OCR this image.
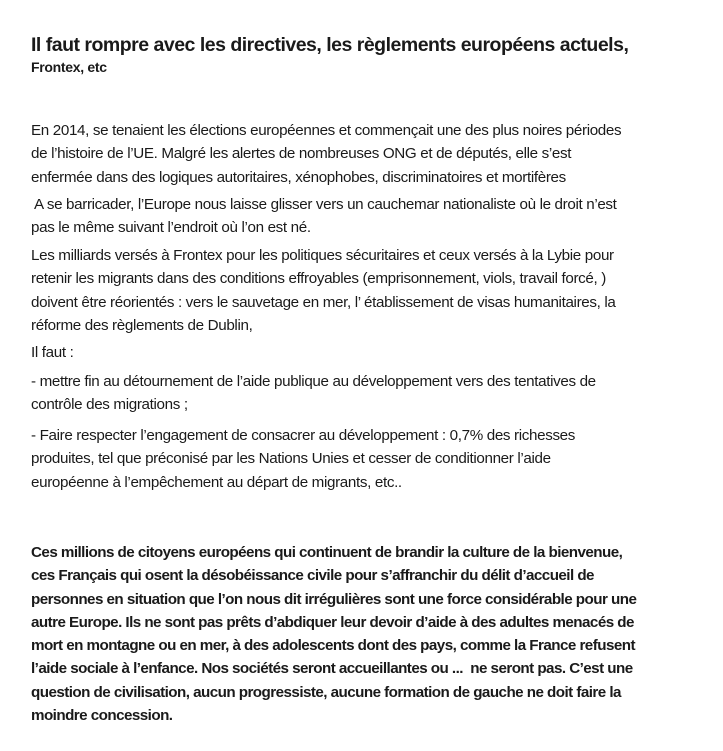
Il faut rompre avec les directives, les règlements européens actuels,
Frontex, etc

En 2014, se tenaient les élections européennes et commençait une des plus noires périodes
de l’histoire de l’UE. Malgré les alertes de nombreuses ONG et de députés, elle s’est
enfermée dans des logiques autoritaires, xénophobes, discriminatoires et mortifères

A se barricader, l’Europe nous laisse glisser vers un cauchemar nationaliste où le droit n’est
pas le même suivant l’endroit où l’on est né.

Les milliards versés à Frontex pour les politiques sécuritaires et ceux versés à la Lybie pour
retenir les migrants dans des conditions effroyables (emprisonnement, viols, travail forcé, )
doivent être réorientés : vers le sauvetage en mer, l’ établissement de visas humanitaires, la
réforme des règlements de Dublin,

Il faut :

- mettre fin au détournement de l’aide publique au développement vers des tentatives de
contrôle des migrations ;

- Faire respecter l’engagement de consacrer au développement : 0,7% des richesses
produites, tel que préconisé par les Nations Unies et cesser de conditionner l’aide
européenne à l’empêchement au départ de migrants, etc..

Ces millions de citoyens européens qui continuent de brandir la culture de la bienvenue,
ces Français qui osent la désobéissance civile pour s’affranchir du délit d’accueil de
personnes en situation que l’on nous dit irrégulières sont une force considérable pour une
autre Europe. Ils ne sont pas prêts d’abdiquer leur devoir d’aide à des adultes menacés de
mort en montagne ou en mer, à des adolescents dont des pays, comme la France refusent
l’aide sociale à l’enfance. Nos sociétés seront accueillantes ou ...  ne seront pas. C’est une
question de civilisation, aucun progressiste, aucune formation de gauche ne doit faire la
moindre concession.
